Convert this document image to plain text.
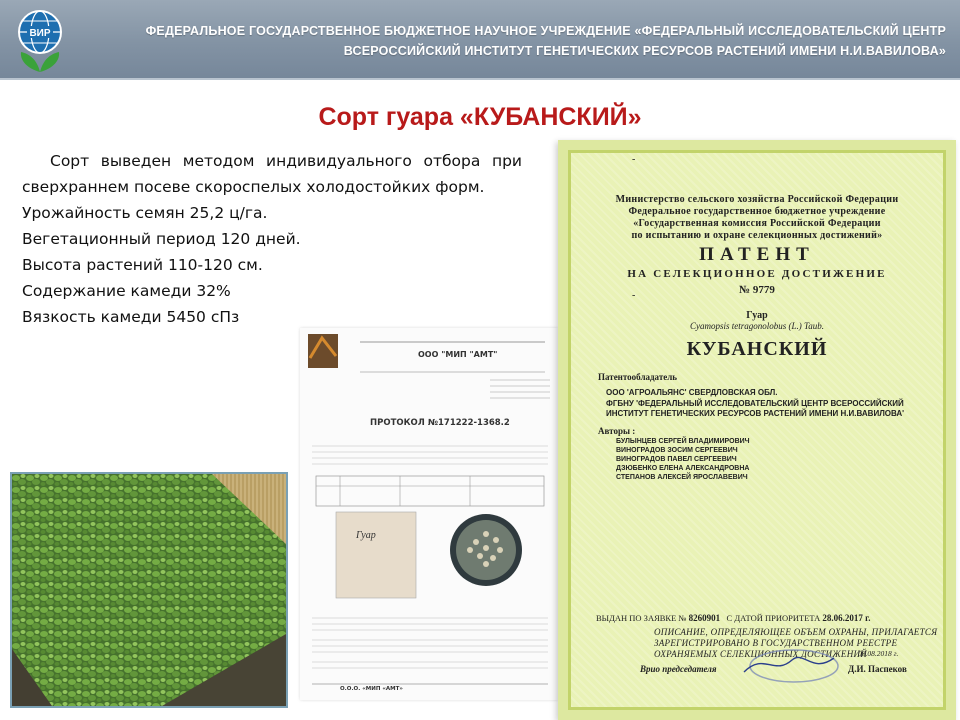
ВИР	ФЕДЕРАЛЬНОЕ ГОСУДАРСТВЕННОЕ БЮДЖЕТНОЕ НАУЧНОЕ УЧРЕЖДЕНИЕ «ФЕДЕРАЛЬНЫЙ ИССЛЕДОВАТЕЛЬСКИЙ ЦЕНТР
ВСЕРОССИЙСКИЙ ИНСТИТУТ ГЕНЕТИЧЕСКИХ РЕСУРСОВ РАСТЕНИЙ ИМЕНИ Н.И.ВАВИЛОВА»
Сорт гуара «КУБАНСКИЙ»

Сорт выведен методом индивидуального отбора при сверхраннем посеве скороспелых холодостойких форм.

Урожайность семян 25,2 ц/га.

Вегетационный период 120 дней.

Высота растений 110-120 см.

Содержание камеди 32%

Вязкость камеди 5450 сПз

Гуар
ООО "МИП "АМТ"
ПРОТОКОЛ №171222-1368.2
О.О.О. «МИП «АМТ»
Министерство сельского хозяйства Российской Федерации
Федеральное государственное бюджетное учреждение
«Государственная комиссия Российской Федерации
по испытанию и охране селекционных достижений»
ПАТЕНТ
НА СЕЛЕКЦИОННОЕ ДОСТИЖЕНИЕ
№ 9779
Гуар
Cyamopsis tetragonolobus (L.) Taub.
КУБАНСКИЙ
Патентообладатель
ООО 'АГРОАЛЬЯНС' СВЕРДЛОВСКАЯ ОБЛ.
ФГБНУ 'ФЕДЕРАЛЬНЫЙ ИССЛЕДОВАТЕЛЬСКИЙ ЦЕНТР ВСЕРОССИЙСКИЙ
ИНСТИТУТ ГЕНЕТИЧЕСКИХ РЕСУРСОВ РАСТЕНИЙ ИМЕНИ Н.И.ВАВИЛОВА'
Авторы :
БУЛЫНЦЕВ СЕРГЕЙ ВЛАДИМИРОВИЧ
ВИНОГРАДОВ ЗОСИМ СЕРГЕЕВИЧ
ВИНОГРАДОВ ПАВЕЛ СЕРГЕЕВИЧ
ДЗЮБЕНКО ЕЛЕНА АЛЕКСАНДРОВНА
СТЕПАНОВ АЛЕКСЕЙ ЯРОСЛАВЕВИЧ
-
-
ВЫДАН ПО ЗАЯВКЕ № 8260901 С ДАТОЙ ПРИОРИТЕТА 28.06.2017 г.
ОПИСАНИЕ, ОПРЕДЕЛЯЮЩЕЕ ОБЪЕМ ОХРАНЫ, ПРИЛАГАЕТСЯ
ЗАРЕГИСТРИРОВАНО В ГОСУДАРСТВЕННОМ РЕЕСТРЕ
ОХРАНЯЕМЫХ СЕЛЕКЦИОННЫХ ДОСТИЖЕНИЙ
06.08.2018 г.
Врио председателя	Д.И. Паспеков
